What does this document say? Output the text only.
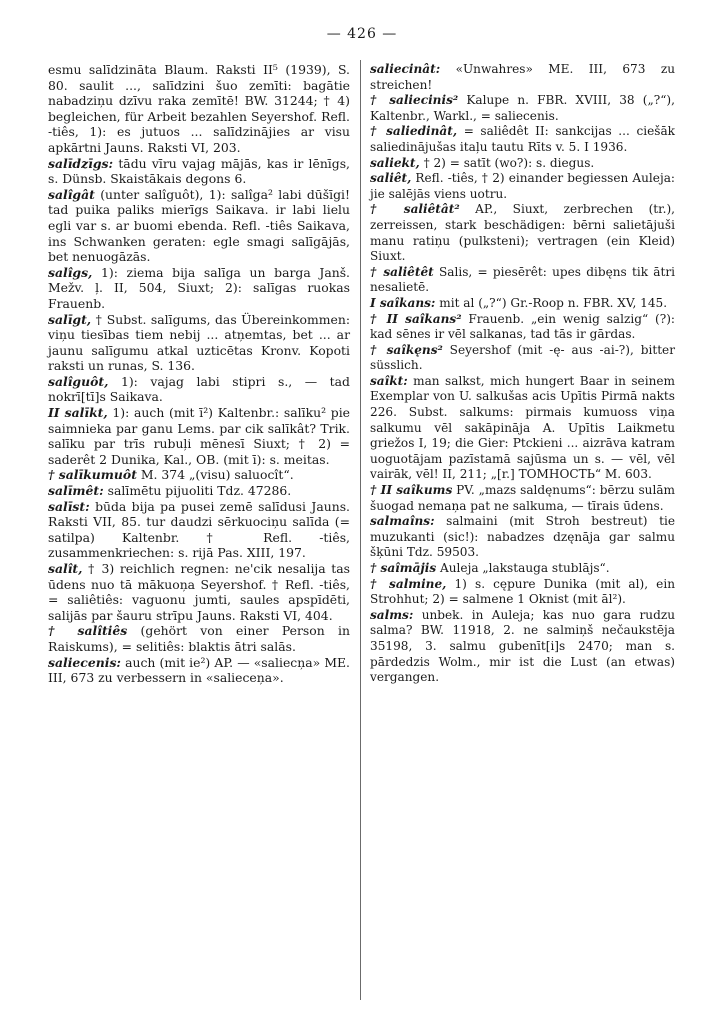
— 426 —

esmu salīdzināta Blaum. Raksti II⁵ (1939), S. 80. saulit ..., salīdzini šuo zemīti: bagātie nabadziņu dzīvu raka zemītē! BW. 31244; † 4) begleichen, für Arbeit bezahlen Seyershof. Refl. -tiês, 1): es jutuos ... salīdzinājies ar visu apkārtni Jauns. Raksti VI, 203.

salīdzīgs: tādu vīru vajag mājās, kas ir lēnīgs, s. Dünsb. Skaistākais degons 6.

salîgât (unter salîguôt), 1): salîga² labi dūšīgi! tad puika paliks mierīgs Saikava. ir labi lielu egli var s. ar buomi ebenda. Refl. -tiês Saikava, ins Schwanken geraten: egle smagi salīgājās, bet nenuogāzās.

salîgs, 1): ziema bija salīga un barga Janš. Mežv. ļ. II, 504, Siuxt; 2): salīgas ruokas Frauenb.

salīgt, † Subst. salīgums, das Übereinkommen: viņu tiesības tiem nebij ... atņemtas, bet ... ar jaunu salīgumu atkal uzticētas Kronv. Kopoti raksti un runas, S. 136.

salîguôt, 1): vajag labi stipri s., — tad nokrī[tī]s Saikava.

II salīkt, 1): auch (mit ī²) Kaltenbr.: salīku² pie saimnieka par ganu Lems. par cik salīkât? Trik. salīku par trīs rubuļi mēnesī Siuxt; † 2) = saderêt 2 Dunika, Kal., OB. (mit ī): s. meitas.

† salīkumuôt M. 374 „(visu) saluocît“.

salīmêt: salīmētu pijuoliti Tdz. 47286.

salīst: būda bija pa pusei zemē salīdusi Jauns. Raksti VII, 85. tur daudzi sērkuociņu salīda (= satilpa) Kaltenbr. † Refl. -tiês, zusammenkriechen: s. rijā Pas. XIII, 197.

salît, † 3) reichlich regnen: ne'cik nesalija tas ūdens nuo tā mākuoņa Seyershof. † Refl. -tiês, = saliêtiês: vaguonu jumti, saules apspīdēti, salijās par šauru strīpu Jauns. Raksti VI, 404.

† salîtiês (gehört von einer Person in Raiskums), = selitiês: blaktis ātri salās.

saliecenis: auch (mit ie²) AP. — «saliecņa» ME. III, 673 zu verbessern in «salieceņa».

saliecinât: «Unwahres» ME. III, 673 zu streichen!

† saliecinis² Kalupe n. FBR. XVIII, 38 („?“), Kaltenbr., Warkl., = saliecenis.

† saliedinât, = saliêdêt II: sankcijas ... ciešāk saliedinājušas itaļu tautu Rīts v. 5. I 1936.

saliekt, † 2) = satīt (wo?): s. diegus.

saliêt, Refl. -tiês, † 2) einander begiessen Auleja: jie salējās viens uotru.

† saliêtât² AP., Siuxt, zerbrechen (tr.), zerreissen, stark beschädigen: bērni salietājuši manu ratiņu (pulksteni); vertragen (ein Kleid) Siuxt.

† saliêtêt Salis, = piesērêt: upes dibęns tik ātri nesalietē.

I saîkans: mit al („?“) Gr.-Roop n. FBR. XV, 145.

† II saîkans² Frauenb. „ein wenig salzig“ (?): kad sēnes ir vēl salkanas, tad tās ir gārdas.

† saîkęns² Seyershof (mit -ę- aus -ai-?), bitter süsslich.

saîkt: man salkst, mich hungert Baar in seinem Exemplar von U. salkušas acis Upītis Pirmā nakts 226. Subst. salkums: pirmais kumuoss viņa salkumu vēl sakāpināja A. Upītis Laikmetu griežos I, 19; die Gier: Ptckieni ... aizrāva katram uoguotājam pazīstamā sajūsma un s. — vēl, vēl vairāk, vēl! II, 211; „[r.] ТОМНОСТЬ“ M. 603.

† II saîkums PV. „mazs saldęnums“: bērzu sulām šuogad nemaņa pat ne salkuma, — tīrais ūdens.

salmaîns: salmaini (mit Stroh bestreut) tie muzukanti (sic!): nabadzes dzęnāja gar salmu šķūni Tdz. 59503.

† saîmājis Auleja „lakstauga stublājs“.

† salmine, 1) s. cępure Dunika (mit al), ein Strohhut; 2) = salmene 1 Oknist (mit āl²).

salms: unbek. in Auleja; kas nuo gara rudzu salma? BW. 11918, 2. ne salmiņš nečaukstēja 35198, 3. salmu gubenīt[i]s 2470; man s. pārdedzis Wolm., mir ist die Lust (an etwas) vergangen.
